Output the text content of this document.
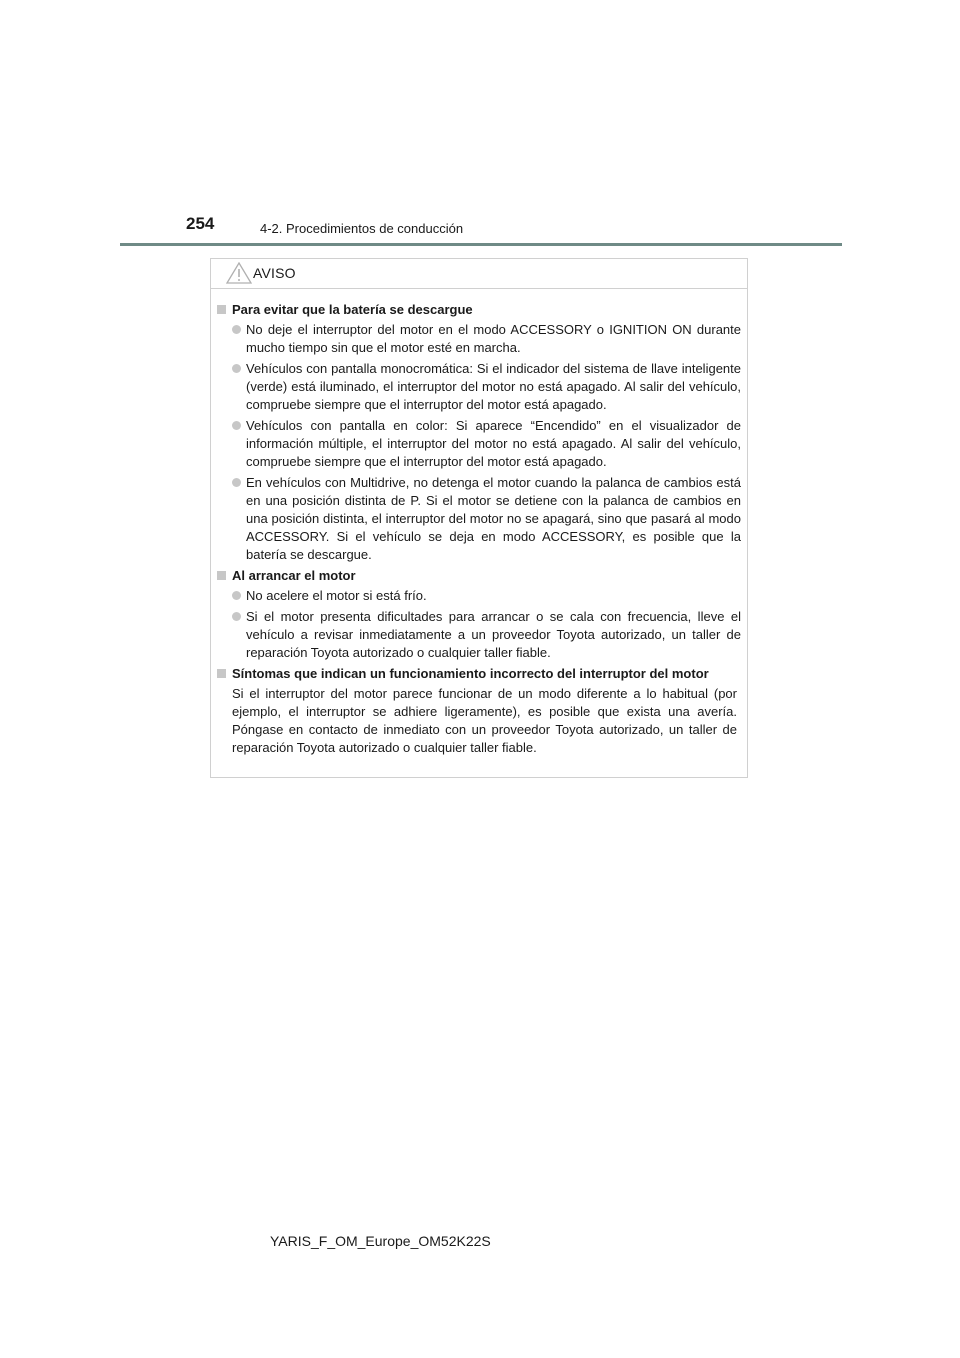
254	4-2. Procedimientos de conducción
AVISO
Para evitar que la batería se descargue
No deje el interruptor del motor en el modo ACCESSORY o IGNITION ON durante mucho tiempo sin que el motor esté en marcha.
Vehículos con pantalla monocromática: Si el indicador del sistema de llave inteligente (verde) está iluminado, el interruptor del motor no está apagado. Al salir del vehículo, compruebe siempre que el interruptor del motor está apagado.
Vehículos con pantalla en color: Si aparece “Encendido” en el visualizador de información múltiple, el interruptor del motor no está apagado. Al salir del vehículo, compruebe siempre que el interruptor del motor está apagado.
En vehículos con Multidrive, no detenga el motor cuando la palanca de cambios está en una posición distinta de P. Si el motor se detiene con la palanca de cambios en una posición distinta, el interruptor del motor no se apagará, sino que pasará al modo ACCESSORY. Si el vehículo se deja en modo ACCESSORY, es posible que la batería se descargue.
Al arrancar el motor
No acelere el motor si está frío.
Si el motor presenta dificultades para arrancar o se cala con frecuencia, lleve el vehículo a revisar inmediatamente a un proveedor Toyota autorizado, un taller de reparación Toyota autorizado o cualquier taller fiable.
Síntomas que indican un funcionamiento incorrecto del interruptor del motor
Si el interruptor del motor parece funcionar de un modo diferente a lo habitual (por ejemplo, el interruptor se adhiere ligeramente), es posible que exista una avería. Póngase en contacto de inmediato con un proveedor Toyota autorizado, un taller de reparación Toyota autorizado o cualquier taller fiable.
YARIS_F_OM_Europe_OM52K22S
